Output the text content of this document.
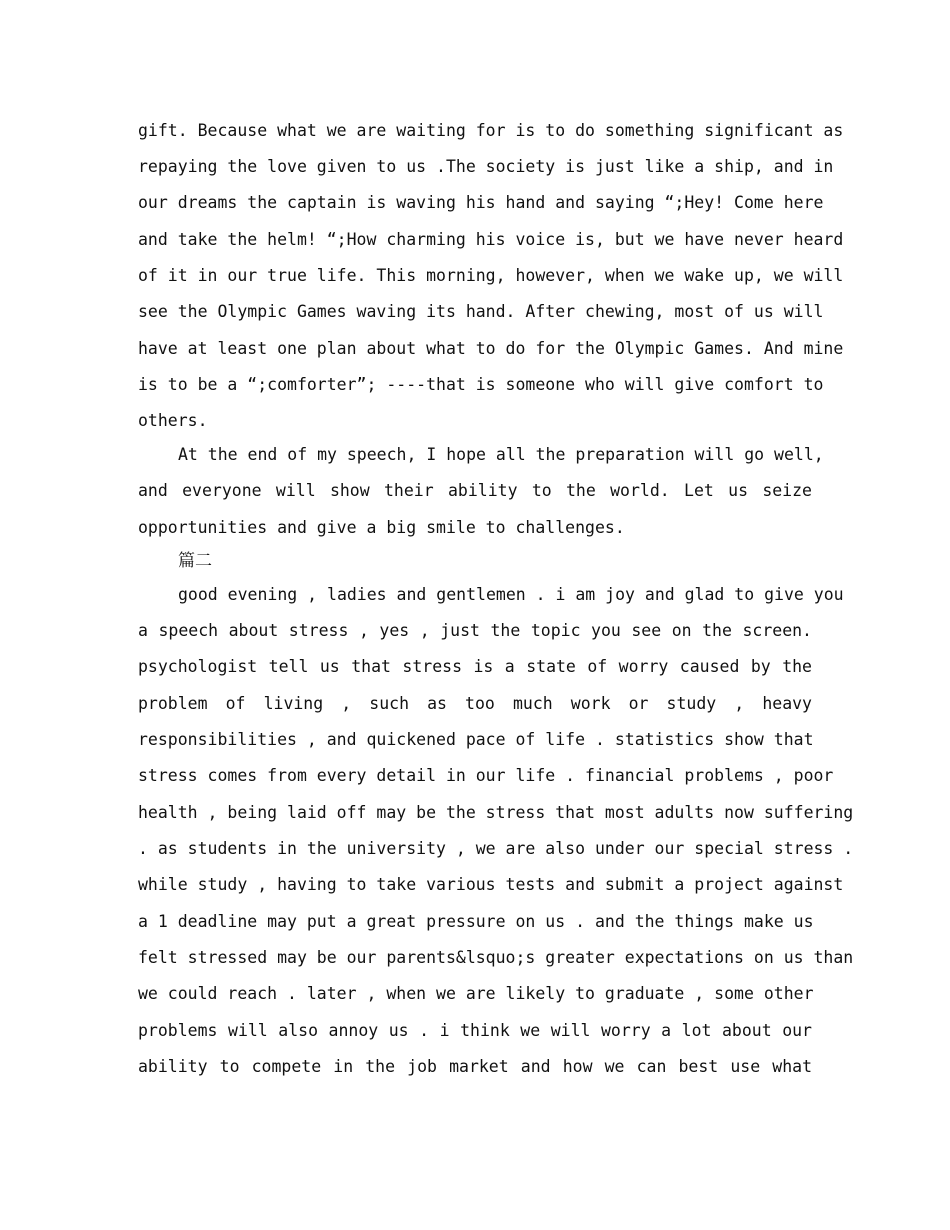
gift. Because what we are waiting for is to do something significant as
repaying the love given to us .The society is just like a ship, and in
our dreams the captain is waving his hand and saying “;Hey! Come here
and take the helm! “;How charming his voice is, but we have never heard
of it in our true life. This morning, however, when we wake up, we will
see the Olympic Games waving its hand. After chewing, most of us will
have at least one plan about what to do for the Olympic Games. And mine
is to be a “;comforter”; ----that is someone who will give comfort to
others.
At the end of my speech, I hope all the preparation will go well,
and everyone will show their ability to the world. Let us seize
opportunities and give a big smile to challenges.
篇二
good evening , ladies and gentlemen . i am joy and glad to give you
a speech about stress , yes , just the topic you see on the screen.
psychologist tell us that stress is a state of worry caused by the
problem of living , such as too much work or study , heavy
responsibilities , and quickened pace of life . statistics show that
stress comes from every detail in our life . financial problems , poor
health , being laid off may be the stress that most adults now suffering
. as students in the university , we are also under our special stress .
while study , having to take various tests and submit a project against
a 1 deadline may put a great pressure on us . and the things make us
felt stressed may be our parents&lsquo;s greater expectations on us than
we could reach . later , when we are likely to graduate , some other
problems will also annoy us . i think we will worry a lot about our
ability to compete in the job market and how we can best use what
